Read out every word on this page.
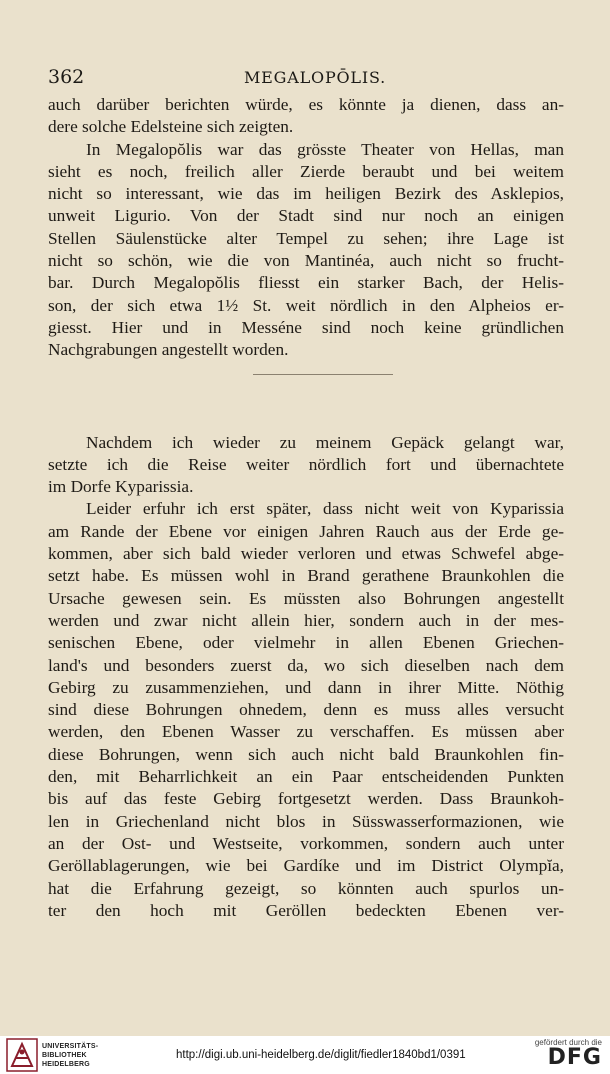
362	MEGALOPŌLIS.
auch darüber berichten würde, es könnte ja dienen, dass an-
dere solche Edelsteine sich zeigten.
In Megalopŏlis war das grösste Theater von Hellas, man
sieht es noch, freilich aller Zierde beraubt und bei weitem
nicht so interessant, wie das im heiligen Bezirk des Asklepios,
unweit Ligurio. Von der Stadt sind nur noch an einigen
Stellen Säulenstücke alter Tempel zu sehen; ihre Lage ist
nicht so schön, wie die von Mantinéa, auch nicht so frucht-
bar. Durch Megalopŏlis fliesst ein starker Bach, der Helis-
son, der sich etwa 1½ St. weit nördlich in den Alpheios er-
giesst. Hier und in Messéne sind noch keine gründlichen
Nachgrabungen angestellt worden.
Nachdem ich wieder zu meinem Gepäck gelangt war,
setzte ich die Reise weiter nördlich fort und übernachtete
im Dorfe Kyparissia.
Leider erfuhr ich erst später, dass nicht weit von Kyparissia
am Rande der Ebene vor einigen Jahren Rauch aus der Erde ge-
kommen, aber sich bald wieder verloren und etwas Schwefel abge-
setzt habe. Es müssen wohl in Brand gerathene Braunkohlen die
Ursache gewesen sein. Es müssten also Bohrungen angestellt
werden und zwar nicht allein hier, sondern auch in der mes-
senischen Ebene, oder vielmehr in allen Ebenen Griechen-
land's und besonders zuerst da, wo sich dieselben nach dem
Gebirg zu zusammenziehen, und dann in ihrer Mitte. Nöthig
sind diese Bohrungen ohnedem, denn es muss alles versucht
werden, den Ebenen Wasser zu verschaffen. Es müssen aber
diese Bohrungen, wenn sich auch nicht bald Braunkohlen fin-
den, mit Beharrlichkeit an ein Paar entscheidenden Punkten
bis auf das feste Gebirg fortgesetzt werden. Dass Braunkoh-
len in Griechenland nicht blos in Süsswasserformazionen, wie
an der Ost- und Westseite, vorkommen, sondern auch unter
Geröllablagerungen, wie bei Gardíke und im District Olympĭa,
hat die Erfahrung gezeigt, so könnten auch spurlos un-
ter den hoch mit Geröllen bedeckten Ebenen ver-
UNIVERSITÄTS-
BIBLIOTHEK
HEIDELBERG
http://digi.ub.uni-heidelberg.de/diglit/fiedler1840bd1/0391
gefördert durch die
DFG
